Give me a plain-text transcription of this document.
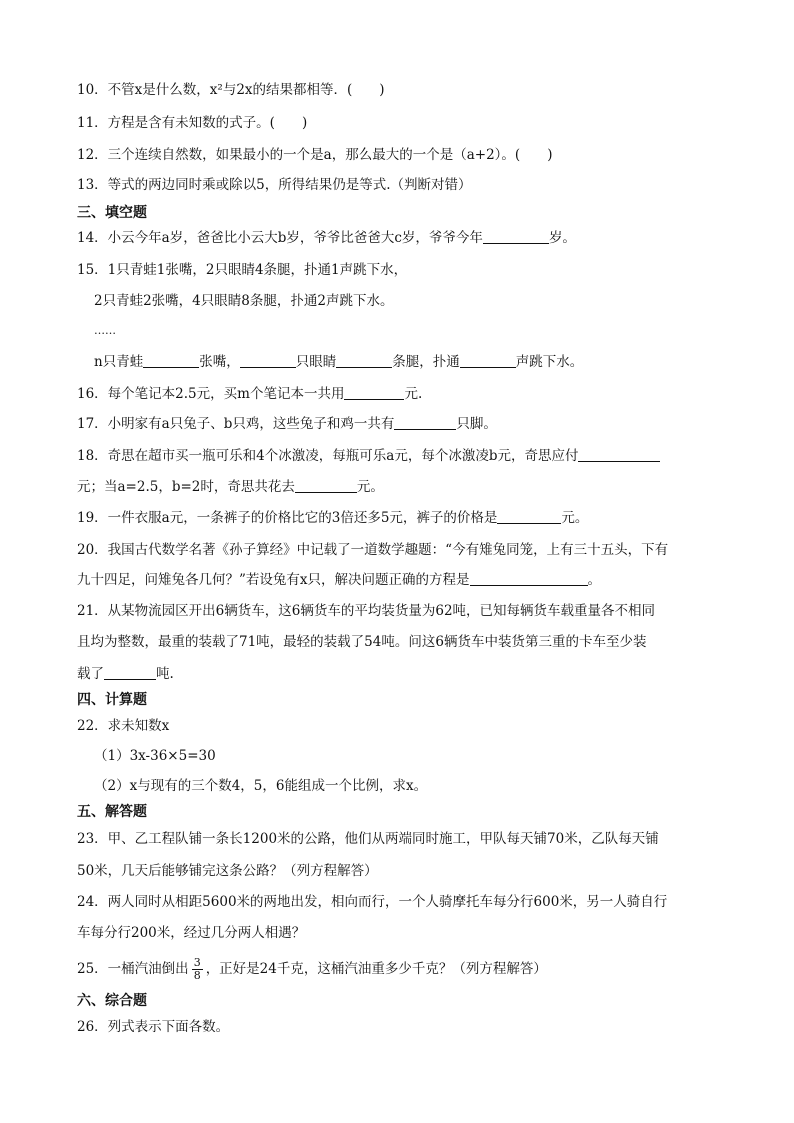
10．不管x是什么数，x²与2x的结果都相等．(　　)
11．方程是含有未知数的式子。(　　)
12．三个连续自然数，如果最小的一个是a，那么最大的一个是（a+2）。(　　)
13．等式的两边同时乘或除以5，所得结果仍是等式.（判断对错）
三、填空题
14．小云今年a岁，爸爸比小云大b岁，爷爷比爸爸大c岁，爷爷今年	岁。
15．1只青蛙1张嘴，2只眼睛4条腿，扑通1声跳下水，
2只青蛙2张嘴，4只眼睛8条腿，扑通2声跳下水。
……
n只青蛙	张嘴，	只眼睛	条腿，扑通	声跳下水。
16．每个笔记本2.5元，买m个笔记本一共用	元.
17．小明家有a只兔子、b只鸡，这些兔子和鸡一共有	只脚。
18．奇思在超市买一瓶可乐和4个冰激凌，每瓶可乐a元，每个冰激凌b元，奇思应付
元；当a=2.5，b=2时，奇思共花去	元。
19．一件衣服a元，一条裤子的价格比它的3倍还多5元，裤子的价格是	元。
20．我国古代数学名著《孙子算经》中记载了一道数学趣题：“今有雉兔同笼，上有三十五头，下有
九十四足，问雉兔各几何？”若设兔有x只，解决问题正确的方程是	。
21．从某物流园区开出6辆货车，这6辆货车的平均装货量为62吨，已知每辆货车载重量各不相同
且均为整数，最重的装载了71吨，最轻的装载了54吨。问这6辆货车中装货第三重的卡车至少装
载了	吨.
四、计算题
22．求未知数x
（1）3x-36×5=30
（2）x与现有的三个数4，5，6能组成一个比例，求x。
五、解答题
23．甲、乙工程队铺一条长1200米的公路，他们从两端同时施工，甲队每天铺70米，乙队每天铺
50米，几天后能够铺完这条公路？（列方程解答）
24．两人同时从相距5600米的两地出发，相向而行，一个人骑摩托车每分行600米，另一人骑自行
车每分行200米，经过几分两人相遇？
25．一桶汽油倒出 $\frac{3}{8}$ ，正好是24千克，这桶汽油重多少千克？（列方程解答）
六、综合题
26．列式表示下面各数。
